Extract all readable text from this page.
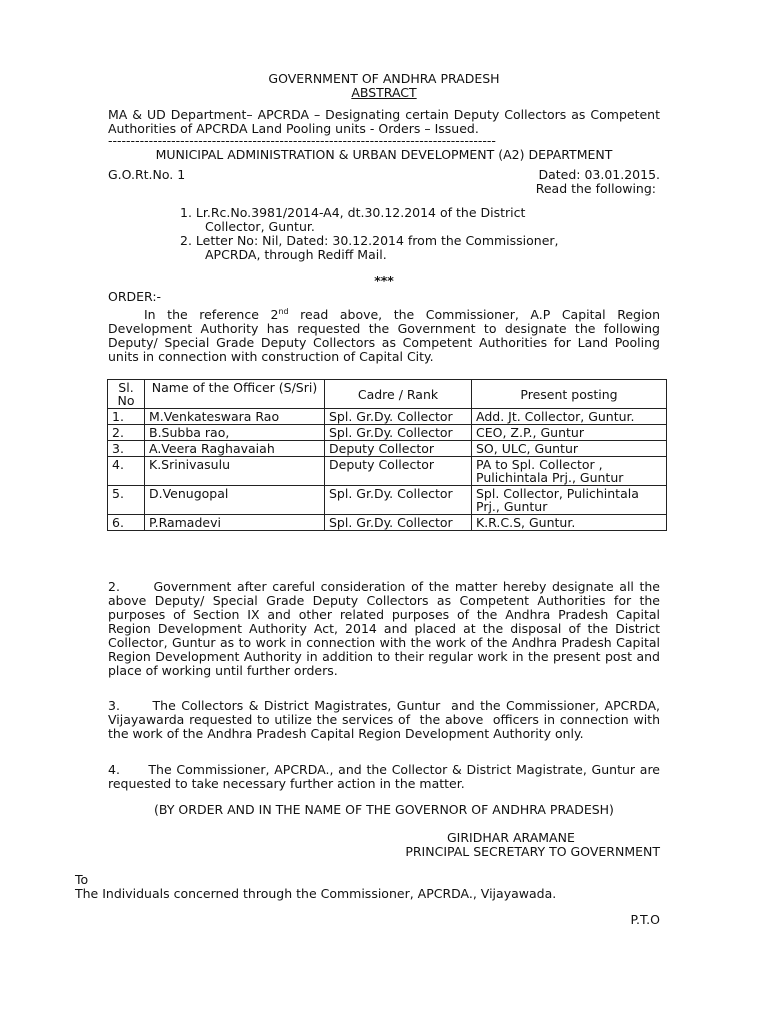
GOVERNMENT OF ANDHRA PRADESH
ABSTRACT
MA & UD Department– APCRDA – Designating certain Deputy Collectors as Competent Authorities of APCRDA Land Pooling units - Orders – Issued.
--------------------------------------------------------------------------------------
MUNICIPAL ADMINISTRATION & URBAN DEVELOPMENT (A2) DEPARTMENT
G.O.Rt.No. 1	Dated: 03.01.2015.
Read the following:
1. Lr.Rc.No.3981/2014-A4, dt.30.12.2014 of the District
Collector, Guntur.
2. Letter No: Nil, Dated: 30.12.2014 from the Commissioner,
APCRDA, through Rediff Mail.
***
ORDER:-
In the reference 2nd read above, the Commissioner, A.P Capital Region Development Authority has requested the Government to designate the following Deputy/ Special Grade Deputy Collectors as Competent Authorities for Land Pooling units in connection with construction of Capital City.
Sl. No	Name of the Officer (S/Sri)	Cadre / Rank	Present posting
1.	M.Venkateswara Rao	Spl. Gr.Dy. Collector	Add. Jt. Collector, Guntur.
2.	B.Subba rao,	Spl. Gr.Dy. Collector	CEO, Z.P., Guntur
3.	A.Veera Raghavaiah	Deputy Collector	SO, ULC, Guntur
4.	K.Srinivasulu	Deputy Collector	PA to Spl. Collector , Pulichintala Prj., Guntur
5.	D.Venugopal	Spl. Gr.Dy. Collector	Spl. Collector, Pulichintala Prj., Guntur
6.	P.Ramadevi	Spl. Gr.Dy. Collector	K.R.C.S, Guntur.

2.      Government after careful consideration of the matter hereby designate all the above Deputy/ Special Grade Deputy Collectors as Competent Authorities for the purposes of Section IX and other related purposes of the Andhra Pradesh Capital Region Development Authority Act, 2014 and placed at the disposal of the District Collector, Guntur as to work in connection with the work of the Andhra Pradesh Capital Region Development Authority in addition to their regular work in the present post and place of working until further orders.

3.      The Collectors & District Magistrates, Guntur  and the Commissioner, APCRDA, Vijayawarda requested to utilize the services of  the above  officers in connection with the work of the Andhra Pradesh Capital Region Development Authority only.

4.      The Commissioner, APCRDA., and the Collector & District Magistrate, Guntur are requested to take necessary further action in the matter.

(BY ORDER AND IN THE NAME OF THE GOVERNOR OF ANDHRA PRADESH)
GIRIDHAR ARAMANE
PRINCIPAL SECRETARY TO GOVERNMENT
To
The Individuals concerned through the Commissioner, APCRDA., Vijayawada.
P.T.O
